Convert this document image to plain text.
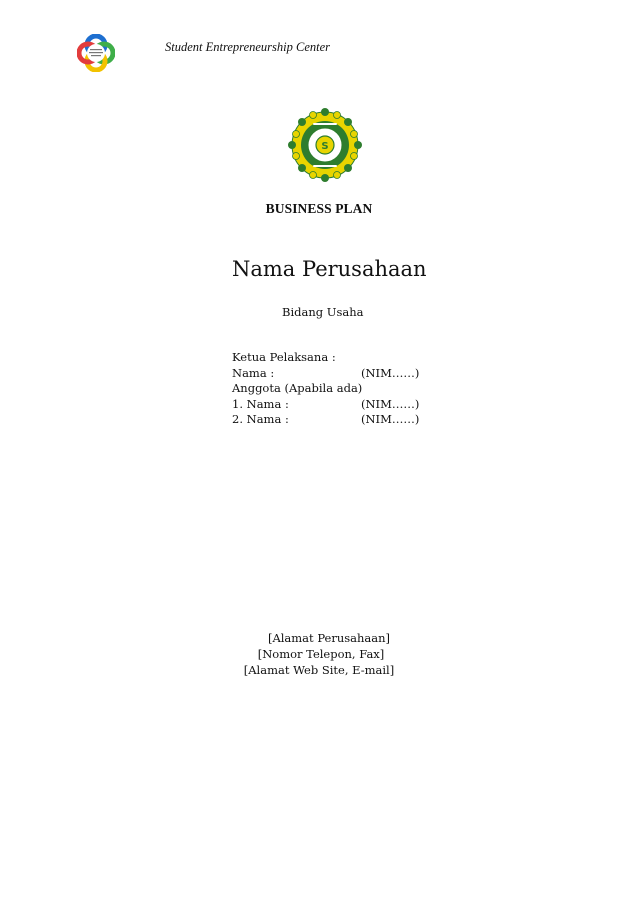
Student Entrepreneurship Center
S
BUSINESS PLAN
Nama Perusahaan
Bidang Usaha
Ketua Pelaksana :
Nama :	(NIM……)
Anggota (Apabila ada)
1. Nama :	(NIM……)
2. Nama :	(NIM……)
[Alamat Perusahaan]
[Nomor Telepon, Fax]
[Alamat Web Site, E-mail]
